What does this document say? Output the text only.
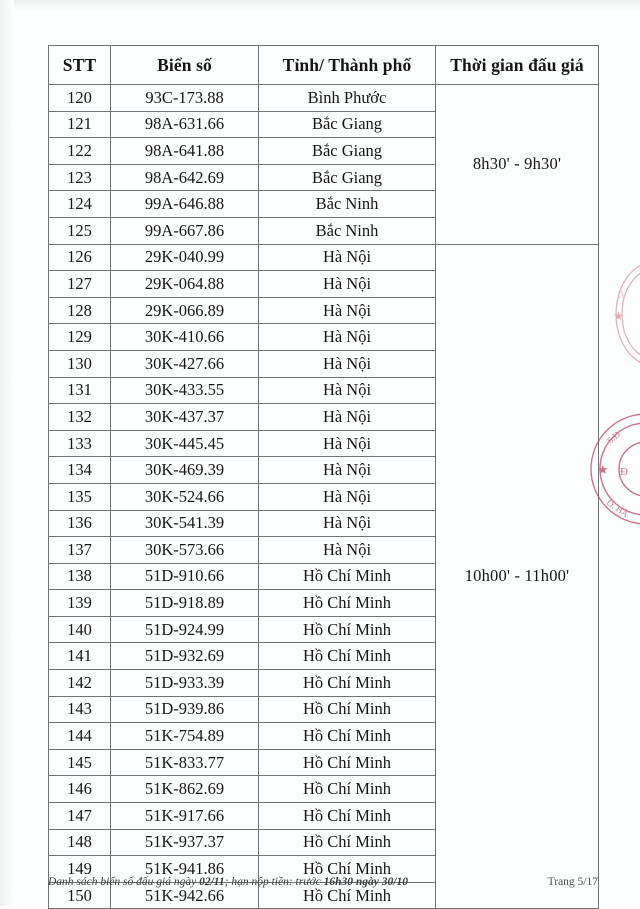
STT	Biển số	Tỉnh/ Thành phố	Thời gian đấu giá
120	93C-173.88	Bình Phước	8h30' - 9h30'
121	98A-631.66	Bắc Giang	
122	98A-641.88	Bắc Giang	
123	98A-642.69	Bắc Giang	
124	99A-646.88	Bắc Ninh	
125	99A-667.86	Bắc Ninh	
126	29K-040.99	Hà Nội	10h00' - 11h00'
127	29K-064.88	Hà Nội	
128	29K-066.89	Hà Nội	
129	30K-410.66	Hà Nội	
130	30K-427.66	Hà Nội	
131	30K-433.55	Hà Nội	
132	30K-437.37	Hà Nội	
133	30K-445.45	Hà Nội	
134	30K-469.39	Hà Nội	
135	30K-524.66	Hà Nội	
136	30K-541.39	Hà Nội	
137	30K-573.66	Hà Nội	
138	51D-910.66	Hồ Chí Minh	
139	51D-918.89	Hồ Chí Minh	
140	51D-924.99	Hồ Chí Minh	
141	51D-932.69	Hồ Chí Minh	
142	51D-933.39	Hồ Chí Minh	
143	51D-939.86	Hồ Chí Minh	
144	51K-754.89	Hồ Chí Minh	
145	51K-833.77	Hồ Chí Minh	
146	51K-862.69	Hồ Chí Minh	
147	51K-917.66	Hồ Chí Minh	
148	51K-937.37	Hồ Chí Minh	
149	51K-941.86	Hồ Chí Minh	
150	51K-942.66	Hồ Chí Minh	
Danh sách biển số đấu giá ngày 02/11; hạn nộp tiền: trước 16h30 ngày 30/10	Trang 5/17
Ô
★
·
S.Đ
★ Đ
O. HÀ
